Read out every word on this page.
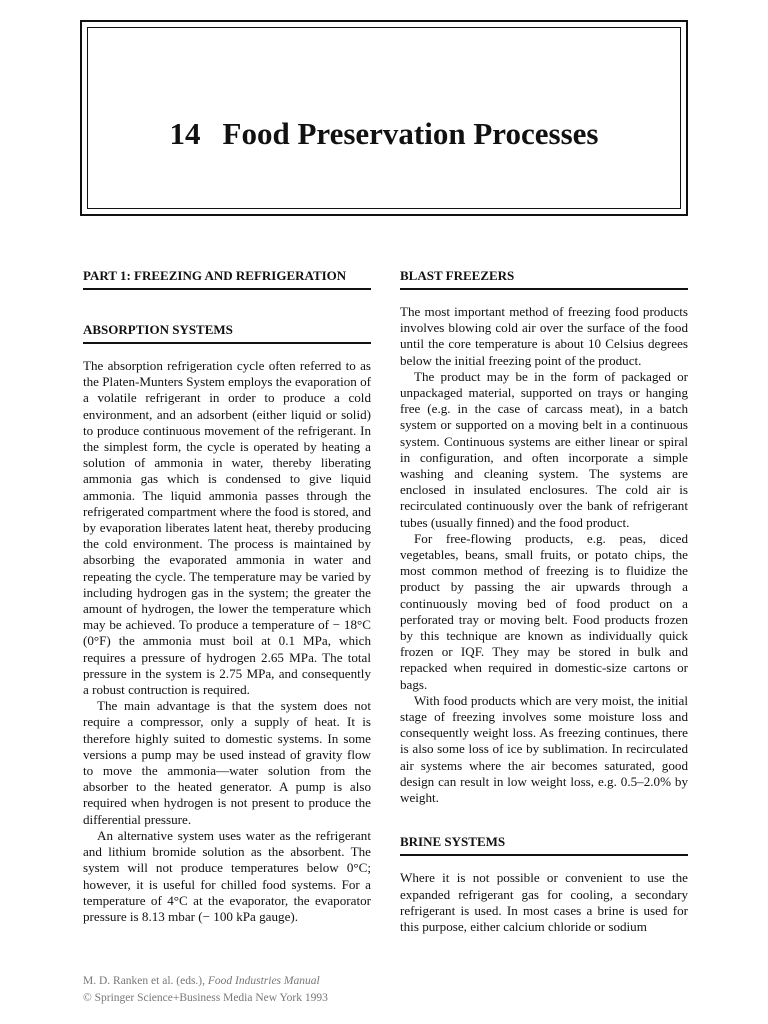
14 Food Preservation Processes
PART 1: FREEZING AND REFRIGERATION
ABSORPTION SYSTEMS

The absorption refrigeration cycle often referred to as the Platen-Munters System employs the evaporation of a volatile refrigerant in order to produce a cold environment, and an adsorbent (either liquid or solid) to produce continuous movement of the refrigerant. In the simplest form, the cycle is operated by heating a solution of ammonia in water, thereby liberating ammonia gas which is condensed to give liquid ammonia. The liquid ammonia passes through the refrigerated compartment where the food is stored, and by evaporation liberates latent heat, thereby producing the cold environment. The process is maintained by absorbing the evaporated ammonia in water and repeating the cycle. The temperature may be varied by including hydrogen gas in the system; the greater the amount of hydrogen, the lower the temperature which may be achieved. To produce a temperature of − 18°C (0°F) the ammonia must boil at 0.1 MPa, which requires a pressure of hydrogen 2.65 MPa. The total pressure in the system is 2.75 MPa, and consequently a robust contruction is required.

The main advantage is that the system does not require a compressor, only a supply of heat. It is therefore highly suited to domestic systems. In some versions a pump may be used instead of gravity flow to move the ammonia—water solution from the absorber to the heated generator. A pump is also required when hydrogen is not present to produce the differential pressure.

An alternative system uses water as the refrigerant and lithium bromide solution as the absorbent. The system will not produce temperatures below 0°C; however, it is useful for chilled food systems. For a temperature of 4°C at the evaporator, the evaporator pressure is 8.13 mbar (− 100 kPa gauge).

BLAST FREEZERS

The most important method of freezing food products involves blowing cold air over the surface of the food until the core temperature is about 10 Celsius degrees below the initial freezing point of the product.

The product may be in the form of packaged or unpackaged material, supported on trays or hanging free (e.g. in the case of carcass meat), in a batch system or supported on a moving belt in a continuous system. Continuous systems are either linear or spiral in configuration, and often incorporate a simple washing and cleaning system. The systems are enclosed in insulated enclosures. The cold air is recirculated continuously over the bank of refrigerant tubes (usually finned) and the food product.

For free-flowing products, e.g. peas, diced vegetables, beans, small fruits, or potato chips, the most common method of freezing is to fluidize the product by passing the air upwards through a continuously moving bed of food product on a perforated tray or moving belt. Food products frozen by this technique are known as individually quick frozen or IQF. They may be stored in bulk and repacked when required in domestic-size cartons or bags.

With food products which are very moist, the initial stage of freezing involves some moisture loss and consequently weight loss. As freezing continues, there is also some loss of ice by sublimation. In recirculated air systems where the air becomes saturated, good design can result in low weight loss, e.g. 0.5–2.0% by weight.

BRINE SYSTEMS

Where it is not possible or convenient to use the expanded refrigerant gas for cooling, a secondary refrigerant is used. In most cases a brine is used for this purpose, either calcium chloride or sodium

M. D. Ranken et al. (eds.), Food Industries Manual
© Springer Science+Business Media New York 1993
